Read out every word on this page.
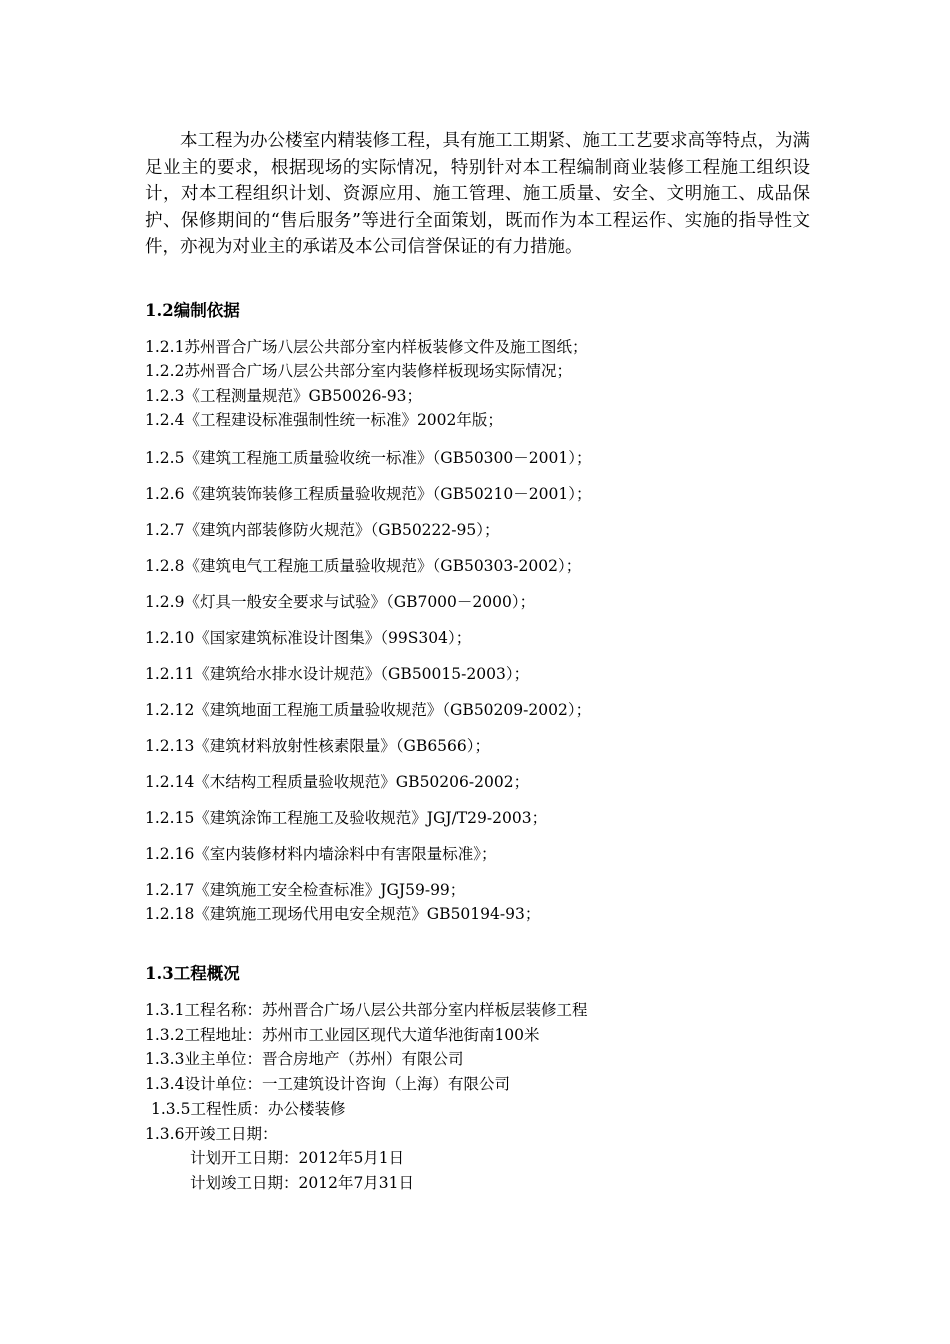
本工程为办公楼室内精装修工程，具有施工工期紧、施工工艺要求高等特点，为满足业主的要求，根据现场的实际情况，特别针对本工程编制商业装修工程施工组织设计，对本工程组织计划、资源应用、施工管理、施工质量、安全、文明施工、成品保护、保修期间的“售后服务”等进行全面策划，既而作为本工程运作、实施的指导性文件，亦视为对业主的承诺及本公司信誉保证的有力措施。

1.2编制依据

1.2.1苏州晋合广场八层公共部分室内样板装修文件及施工图纸；

1.2.2苏州晋合广场八层公共部分室内装修样板现场实际情况；

1.2.3《工程测量规范》GB50026-93；

1.2.4《工程建设标准强制性统一标准》2002年版；

1.2.5《建筑工程施工质量验收统一标准》（GB50300－2001）；

1.2.6《建筑装饰装修工程质量验收规范》（GB50210－2001）；

1.2.7《建筑内部装修防火规范》（GB50222-95）；

1.2.8《建筑电气工程施工质量验收规范》（GB50303-2002）；

1.2.9《灯具一般安全要求与试验》（GB7000－2000）；

1.2.10《国家建筑标准设计图集》（99S304）；

1.2.11《建筑给水排水设计规范》（GB50015-2003）；

1.2.12《建筑地面工程施工质量验收规范》（GB50209-2002）；

1.2.13《建筑材料放射性核素限量》（GB6566）；

1.2.14《木结构工程质量验收规范》GB50206-2002；

1.2.15《建筑涂饰工程施工及验收规范》JGJ/T29-2003；

1.2.16《室内装修材料内墙涂料中有害限量标准》；

1.2.17《建筑施工安全检查标准》JGJ59-99；

1.2.18《建筑施工现场代用电安全规范》GB50194-93；

1.3工程概况

1.3.1工程名称：苏州晋合广场八层公共部分室内样板层装修工程

1.3.2工程地址：苏州市工业园区现代大道华池街南100米

1.3.3业主单位：晋合房地产（苏州）有限公司

1.3.4设计单位：一工建筑设计咨询（上海）有限公司

1.3.5工程性质：办公楼装修

1.3.6开竣工日期：

计划开工日期：2012年5月1日

计划竣工日期：2012年7月31日
